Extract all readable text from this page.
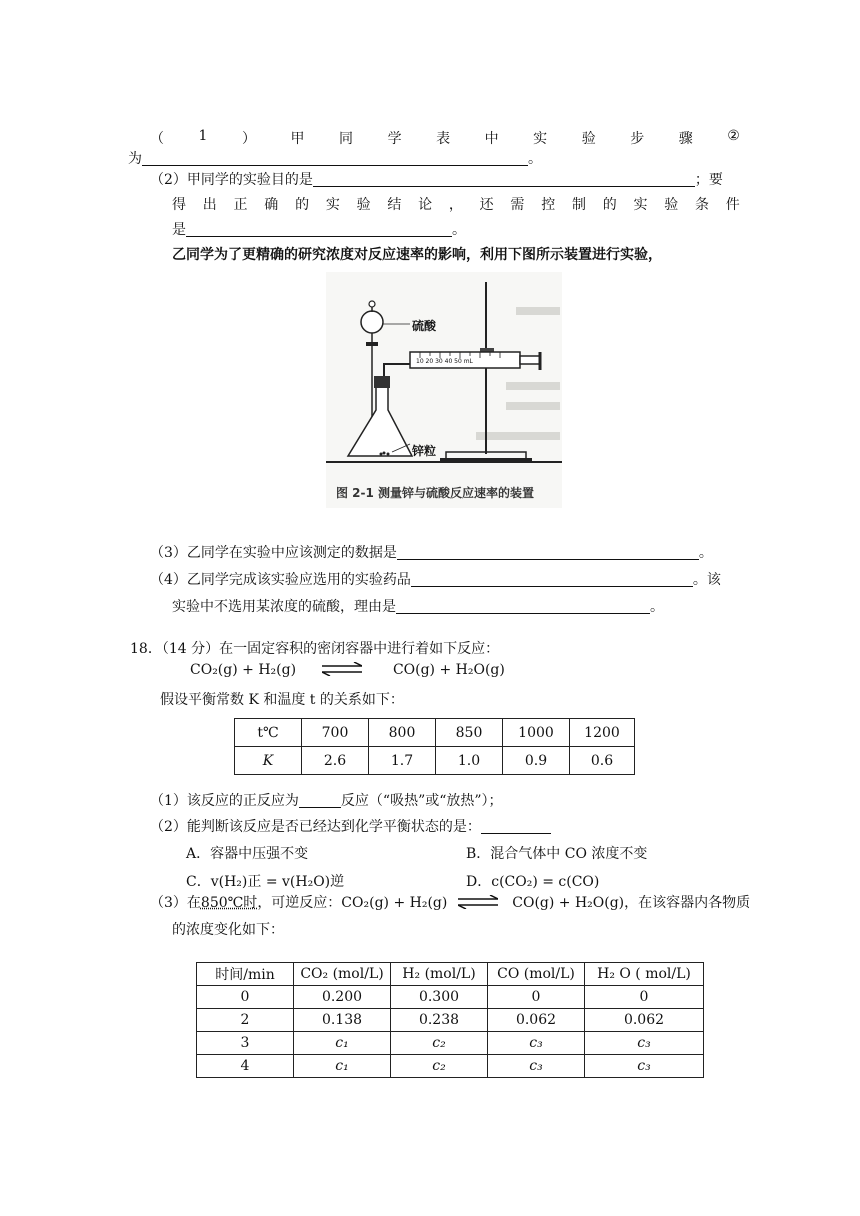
（ 1 ） 甲 同 学 表 中 实 验 步 骤 ②
为	。
（2）甲同学的实验目的是	；要
得 出 正 确 的 实 验 结 论 ， 还 需 控 制 的 实 验 条 件
是	。
乙同学为了更精确的研究浓度对反应速率的影响，利用下图所示装置进行实验，
硫酸
10 20 30 40 50 mL
锌粒
图 2-1 测量锌与硫酸反应速率的装置
（3）乙同学在实验中应该测定的数据是	。
（4）乙同学完成该实验应选用的实验药品	。该
实验中不选用某浓度的硫酸，理由是	。
18．（14 分）在一固定容积的密闭容器中进行着如下反应：
CO₂(g) + H₂(g)	CO(g) + H₂O(g)
假设平衡常数 K 和温度 t 的关系如下：
t℃	700	800	850	1000	1200
K	2.6	1.7	1.0	0.9	0.6
（1）该反应的正反应为	反应（“吸热”或“放热”）；
（2）能判断该反应是否已经达到化学平衡状态的是：
A．容器中压强不变	B．混合气体中 CO 浓度不变
C．v(H₂)正 = v(H₂O)逆	D．c(CO₂) = c(CO)
（3）在850℃时，可逆反应：CO₂(g) + H₂(g) ⇌ CO(g) + H₂O(g)，在该容器内各物质
的浓度变化如下：
时间/min	CO₂ (mol/L)	H₂ (mol/L)	CO (mol/L)	H₂ O ( mol/L)
0	0.200	0.300	0	0
2	0.138	0.238	0.062	0.062
3	c₁	c₂	c₃	c₃
4	c₁	c₂	c₃	c₃
